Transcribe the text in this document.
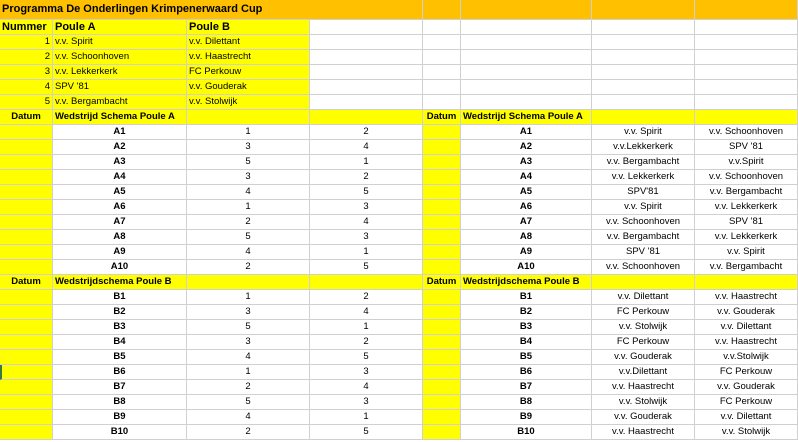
Programma De Onderlingen Krimpenerwaard Cup
Nummer Poule A	Poule B
1 v.v. Spirit	v.v. Dilettant
2 v.v. Schoonhoven	v.v. Haastrecht
3 v.v. Lekkerkerk	FC Perkouw
4 SPV '81	v.v. Gouderak
5 v.v. Bergambacht	v.v. Stolwijk
Datum	Wedstrijd Schema Poule A	Datum Wedstrijd Schema Poule A
A1	1	2	A1	v.v. Spirit	v.v. Schoonhoven
A2	3	4	A2	v.v.Lekkerkerk	SPV '81
A3	5	1	A3	v.v. Bergambacht	v.v.Spirit
A4	3	2	A4	v.v. Lekkerkerk	v.v. Schoonhoven
A5	4	5	A5	SPV'81	v.v. Bergambacht
A6	1	3	A6	v.v. Spirit	v.v. Lekkerkerk
A7	2	4	A7	v.v. Schoonhoven	SPV '81
A8	5	3	A8	v.v. Bergambacht	v.v. Lekkerkerk
A9	4	1	A9	SPV '81	v.v. Spirit
A10	2	5	A10	v.v. Schoonhoven	v.v. Bergambacht
Datum	Wedstrijdschema Poule B	Datum Wedstrijdschema Poule B
B1	1	2	B1	v.v. Dilettant	v.v. Haastrecht
B2	3	4	B2	FC Perkouw	v.v. Gouderak
B3	5	1	B3	v.v. Stolwijk	v.v. Dilettant
B4	3	2	B4	FC Perkouw	v.v. Haastrecht
B5	4	5	B5	v.v. Gouderak	v.v.Stolwijk
B6	1	3	B6	v.v.Dilettant	FC Perkouw
B7	2	4	B7	v.v. Haastrecht	v.v. Gouderak
B8	5	3	B8	v.v. Stolwijk	FC Perkouw
B9	4	1	B9	v.v. Gouderak	v.v. Dilettant
B10	2	5	B10	v.v. Haastrecht	v.v. Stolwijk
